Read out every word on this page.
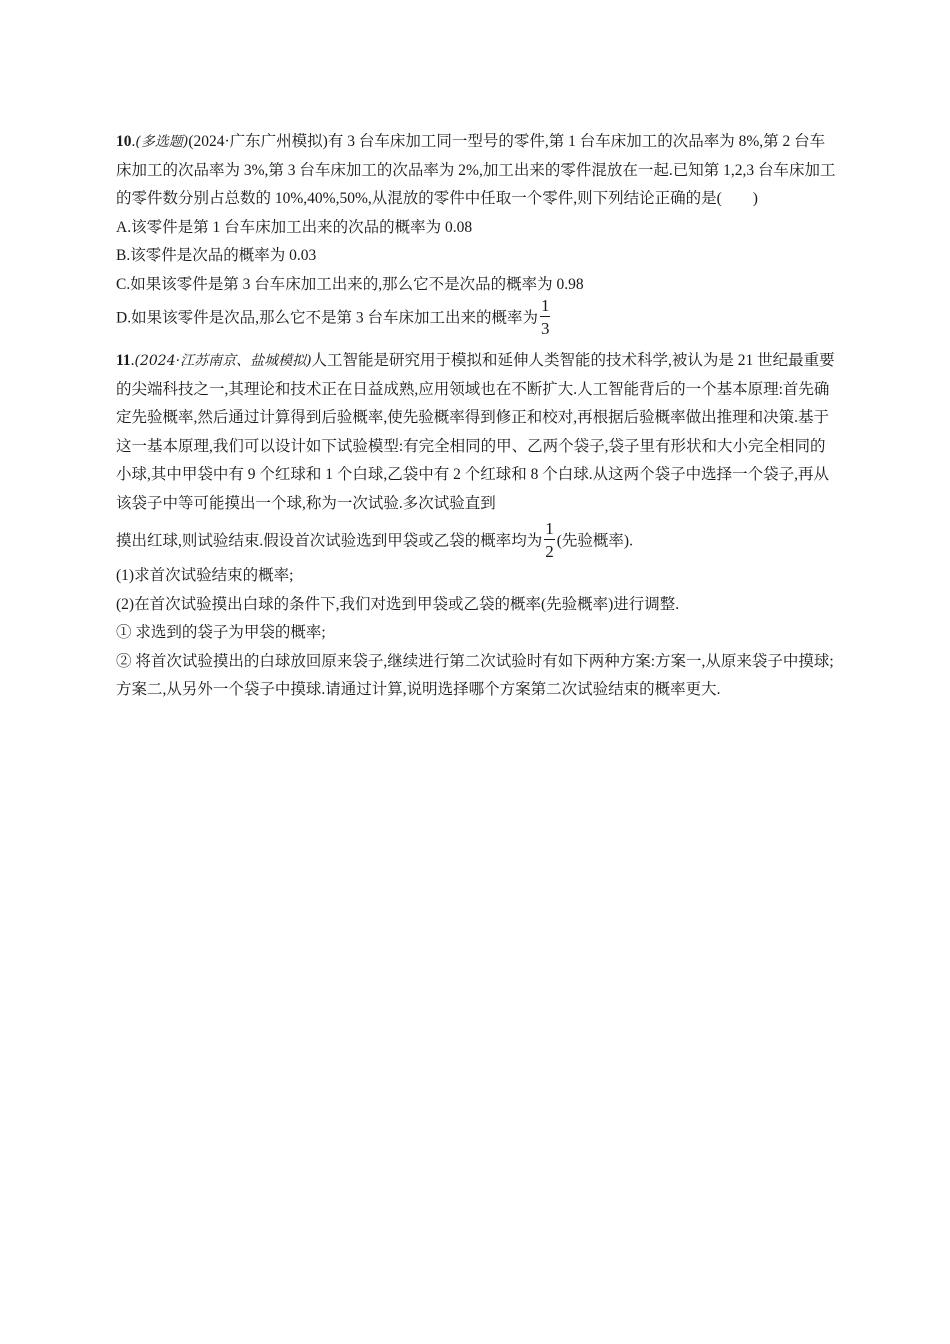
10.(多选题)(2024·广东广州模拟)有 3 台车床加工同一型号的零件,第 1 台车床加工的次品率为 8%,第 2 台车床加工的次品率为 3%,第 3 台车床加工的次品率为 2%,加工出来的零件混放在一起.已知第 1,2,3 台车床加工的零件数分别占总数的 10%,40%,50%,从混放的零件中任取一个零件,则下列结论正确的是(　　)

A.该零件是第 1 台车床加工出来的次品的概率为 0.08

B.该零件是次品的概率为 0.03

C.如果该零件是第 3 台车床加工出来的,那么它不是次品的概率为 0.98

D.如果该零件是次品,那么它不是第 3 台车床加工出来的概率为 $\frac{1}{3}$

11.(2024·江苏南京、盐城模拟)人工智能是研究用于模拟和延伸人类智能的技术科学,被认为是 21 世纪最重要的尖端科技之一,其理论和技术正在日益成熟,应用领域也在不断扩大.人工智能背后的一个基本原理:首先确定先验概率,然后通过计算得到后验概率,使先验概率得到修正和校对,再根据后验概率做出推理和决策.基于这一基本原理,我们可以设计如下试验模型:有完全相同的甲、乙两个袋子,袋子里有形状和大小完全相同的小球,其中甲袋中有 9 个红球和 1 个白球,乙袋中有 2 个红球和 8 个白球.从这两个袋子中选择一个袋子,再从该袋子中等可能摸出一个球,称为一次试验.多次试验直到

摸出红球,则试验结束.假设首次试验选到甲袋或乙袋的概率均为 $\frac{1}{2}$ (先验概率).

(1)求首次试验结束的概率;

(2)在首次试验摸出白球的条件下,我们对选到甲袋或乙袋的概率(先验概率)进行调整.

① 求选到的袋子为甲袋的概率;

② 将首次试验摸出的白球放回原来袋子,继续进行第二次试验时有如下两种方案:方案一,从原来袋子中摸球;方案二,从另外一个袋子中摸球.请通过计算,说明选择哪个方案第二次试验结束的概率更大.
